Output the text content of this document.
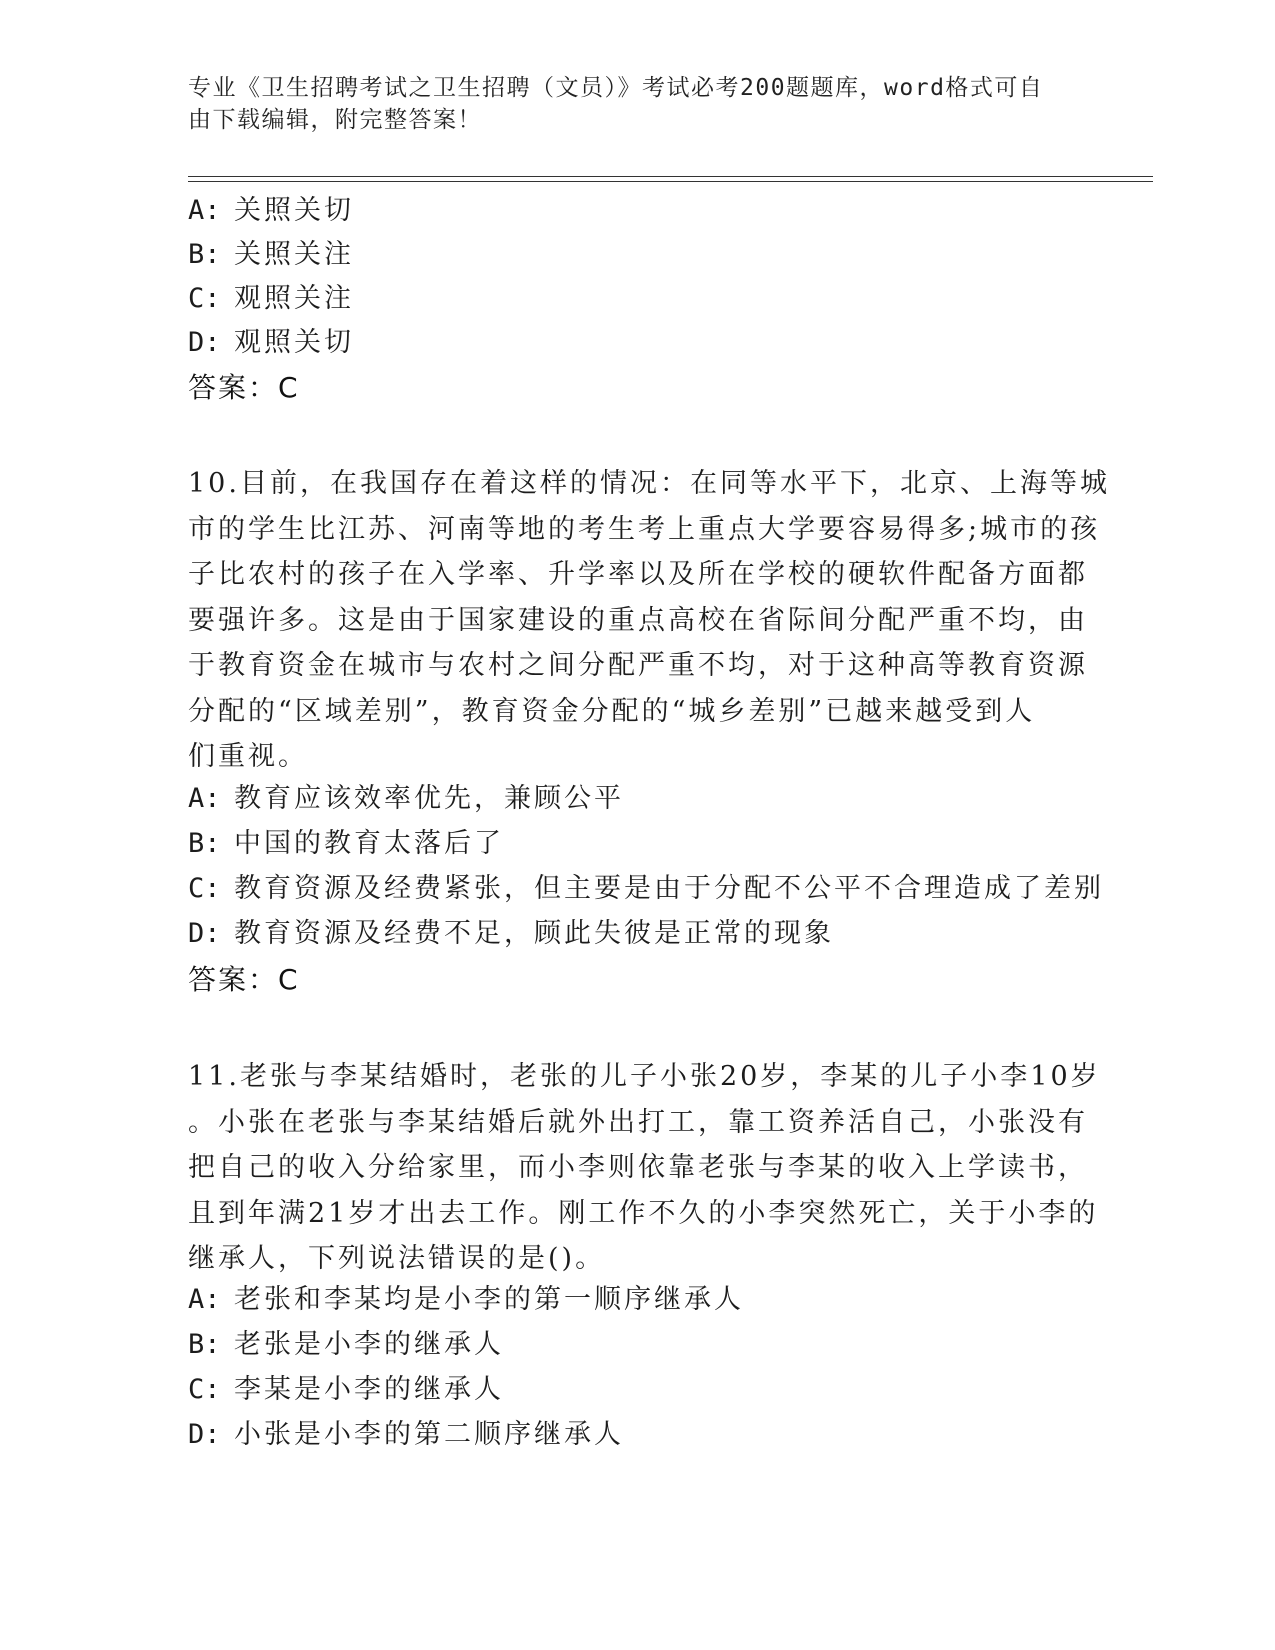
专业《卫生招聘考试之卫生招聘（文员）》考试必考200题题库，word格式可自
由下载编辑，附完整答案！
A: 关照关切
B: 关照关注
C: 观照关注
D: 观照关切
答案：C
10.目前，在我国存在着这样的情况：在同等水平下，北京、上海等城
市的学生比江苏、河南等地的考生考上重点大学要容易得多;城市的孩
子比农村的孩子在入学率、升学率以及所在学校的硬软件配备方面都
要强许多。这是由于国家建设的重点高校在省际间分配严重不均，由
于教育资金在城市与农村之间分配严重不均，对于这种高等教育资源
分配的“区域差别”，教育资金分配的“城乡差别”已越来越受到人
们重视。
A: 教育应该效率优先，兼顾公平
B: 中国的教育太落后了
C: 教育资源及经费紧张，但主要是由于分配不公平不合理造成了差别
D: 教育资源及经费不足，顾此失彼是正常的现象
答案：C
11.老张与李某结婚时，老张的儿子小张20岁，李某的儿子小李10岁
。小张在老张与李某结婚后就外出打工，靠工资养活自己，小张没有
把自己的收入分给家里，而小李则依靠老张与李某的收入上学读书，
且到年满21岁才出去工作。刚工作不久的小李突然死亡，关于小李的
继承人，下列说法错误的是()。
A: 老张和李某均是小李的第一顺序继承人
B: 老张是小李的继承人
C: 李某是小李的继承人
D: 小张是小李的第二顺序继承人
